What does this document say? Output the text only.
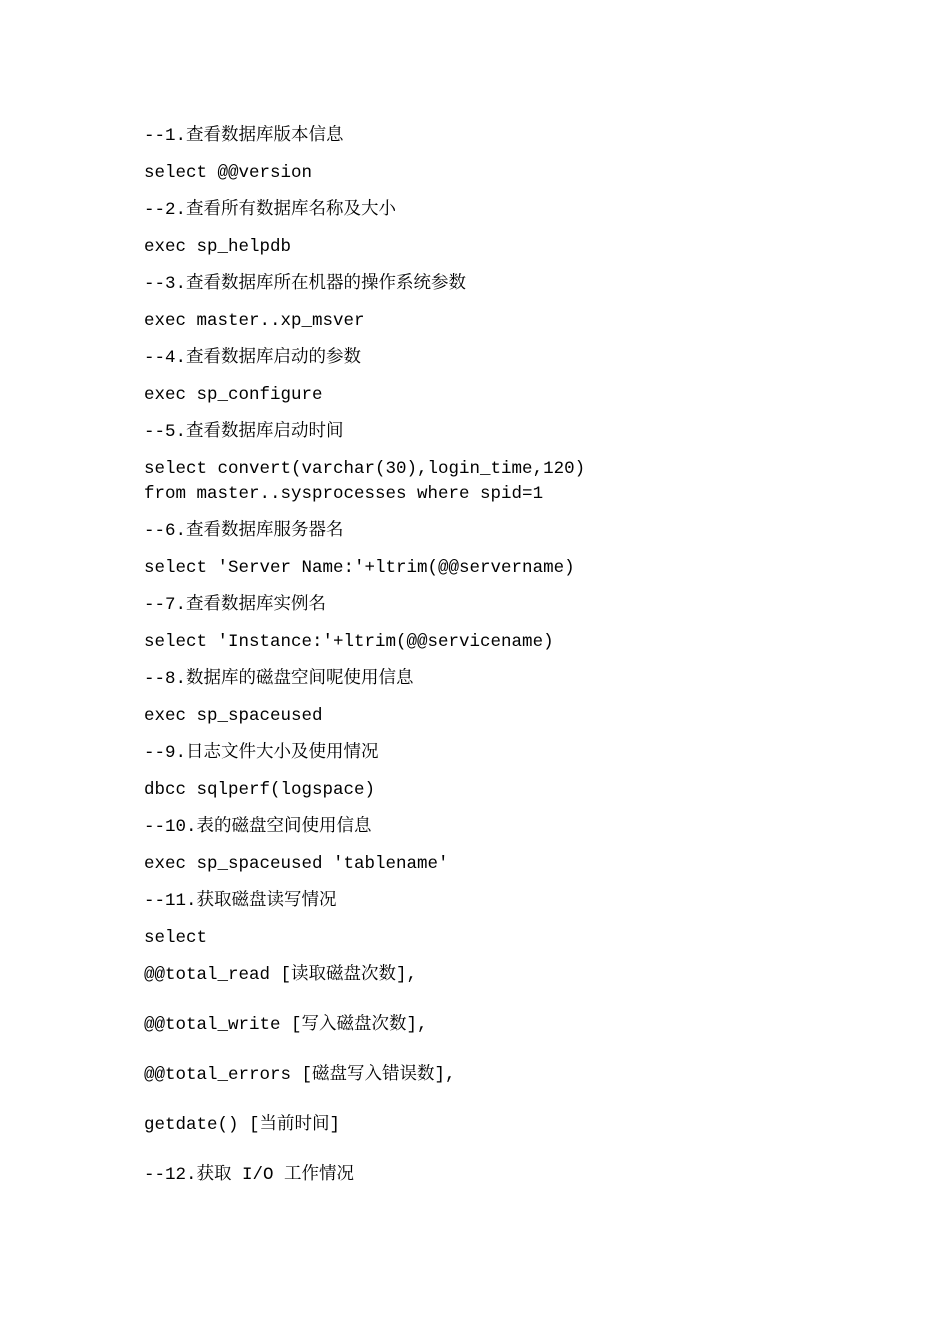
--1.查看数据库版本信息

select @@version

--2.查看所有数据库名称及大小

exec sp_helpdb

--3.查看数据库所在机器的操作系统参数

exec master..xp_msver

--4.查看数据库启动的参数

exec sp_configure

--5.查看数据库启动时间

select convert(varchar(30),login_time,120)

from master..sysprocesses where spid=1

--6.查看数据库服务器名

select 'Server Name:'+ltrim(@@servername)

--7.查看数据库实例名

select 'Instance:'+ltrim(@@servicename)

--8.数据库的磁盘空间呢使用信息

exec sp_spaceused

--9.日志文件大小及使用情况

dbcc sqlperf(logspace)

--10.表的磁盘空间使用信息

exec sp_spaceused 'tablename'

--11.获取磁盘读写情况

select

@@total_read [读取磁盘次数],

@@total_write [写入磁盘次数],

@@total_errors [磁盘写入错误数],

getdate() [当前时间]

--12.获取 I/O 工作情况
